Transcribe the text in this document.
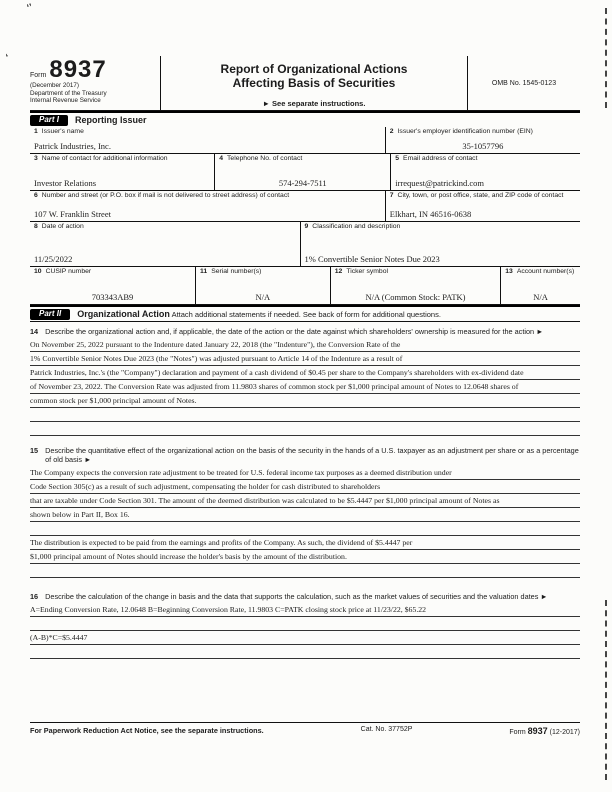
ʻʼ
ʻ
Form 8937
(December 2017)
Department of the Treasury
Internal Revenue Service
Report of Organizational Actions
Affecting Basis of Securities
► See separate instructions.
OMB No. 1545-0123
Part I	Reporting Issuer
1 Issuer's name
Patrick Industries, Inc.
2 Issuer's employer identification number (EIN)
35-1057796
3 Name of contact for additional information
Investor Relations
4 Telephone No. of contact
574-294-7511
5 Email address of contact
irrequest@patrickind.com
6 Number and street (or P.O. box if mail is not delivered to street address) of contact
107 W. Franklin Street
7 City, town, or post office, state, and ZIP code of contact
Elkhart, IN 46516-0638
8 Date of action
11/25/2022
9 Classification and description
1% Convertible Senior Notes Due 2023
10 CUSIP number
703343AB9
11 Serial number(s)
N/A
12 Ticker symbol
N/A (Common Stock: PATK)
13 Account number(s)
N/A
Part II	Organizational Action Attach additional statements if needed. See back of form for additional questions.
14 Describe the organizational action and, if applicable, the date of the action or the date against which shareholders' ownership is measured for the action ►
On November 25, 2022 pursuant to the Indenture dated January 22, 2018 (the "Indenture"), the Conversion Rate of the
1% Convertible Senior Notes Due 2023 (the "Notes") was adjusted pursuant to Article 14 of the Indenture as a result of
Patrick Industries, Inc.'s (the "Company") declaration and payment of a cash dividend of $0.45 per share to the Company's shareholders with ex-dividend date
of November 23, 2022. The Conversion Rate was adjusted from 11.9803 shares of common stock per $1,000 principal amount of Notes to 12.0648 shares of
common stock per $1,000 principal amount of Notes.
15 Describe the quantitative effect of the organizational action on the basis of the security in the hands of a U.S. taxpayer as an adjustment per share or as a percentage of old basis ►
The Company expects the conversion rate adjustment to be treated for U.S. federal income tax purposes as a deemed distribution under
Code Section 305(c) as a result of such adjustment, compensating the holder for cash distributed to shareholders
that are taxable under Code Section 301. The amount of the deemed distribution was calculated to be $5.4447 per $1,000 principal amount of Notes as
shown below in Part II, Box 16.
The distribution is expected to be paid from the earnings and profits of the Company. As such, the dividend of $5.4447 per
$1,000 principal amount of Notes should increase the holder's basis by the amount of the distribution.
16 Describe the calculation of the change in basis and the data that supports the calculation, such as the market values of securities and the valuation dates ►
A=Ending Conversion Rate, 12.0648 B=Beginning Conversion Rate, 11.9803 C=PATK closing stock price at 11/23/22, $65.22
(A-B)*C=$5.4447
For Paperwork Reduction Act Notice, see the separate instructions.	Cat. No. 37752P	Form 8937 (12-2017)
